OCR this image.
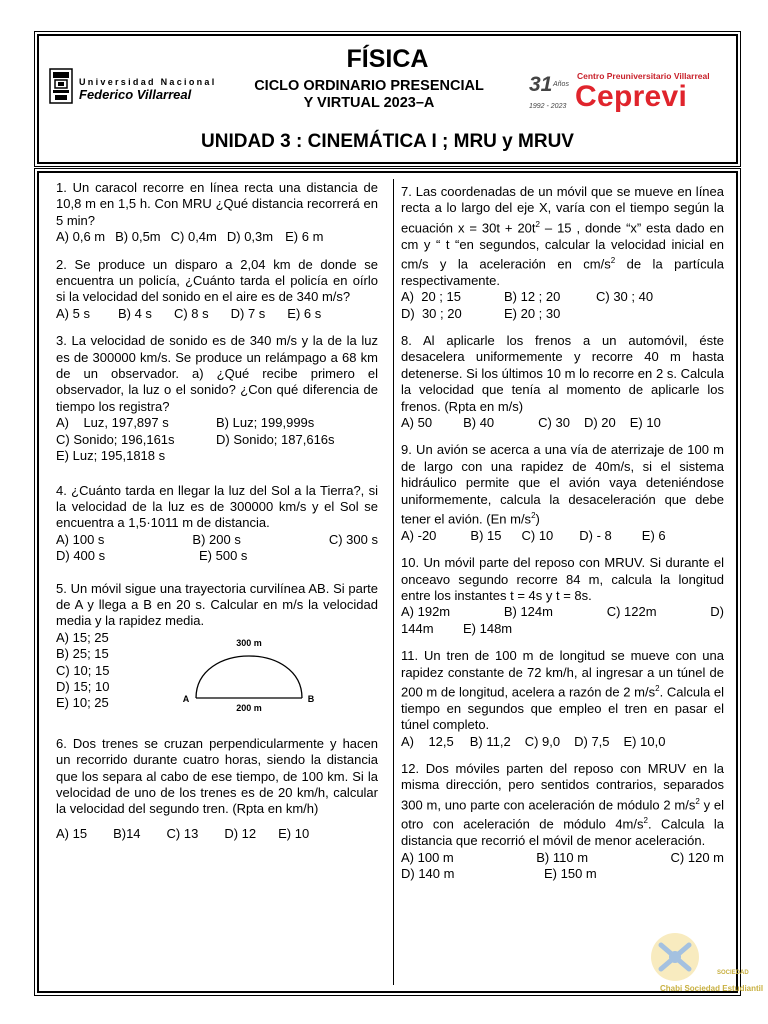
Universidad Nacional
Federico Villarreal
FÍSICA
CICLO ORDINARIO PRESENCIAL
Y VIRTUAL 2023–A
31 Años
1992 - 2023
Centro Preuniversitario Villarreal
Ceprevi
UNIDAD 3 : CINEMÁTICA I ; MRU y MRUV
1. Un caracol recorre en línea recta una distancia de 10,8 m en 1,5 h. Con MRU ¿Qué distancia recorrerá en 5 min?
A) 0,6 m B) 0,5m C) 0,4m D) 0,3m E) 6 m
2. Se produce un disparo a 2,04 km de donde se encuentra un policía, ¿Cuánto tarda el policía en oírlo si la velocidad del sonido en el aire es de 340 m/s?
A) 5 s B) 4 s C) 8 s D) 7 s E) 6 s
3. La velocidad de sonido es de 340 m/s y la de la luz es de 300000 km/s. Se produce un relámpago a 68 km de un observador. a) ¿Qué recibe primero el observador, la luz o el sonido? ¿Con qué diferencia de tiempo los registra?
A)    Luz, 197,897 s	B) Luz; 199,999s
C) Sonido; 196,161s	D) Sonido; 187,616s
E) Luz; 195,1818 s
4. ¿Cuánto tarda en llegar la luz del Sol a la Tierra?, si la velocidad de la luz es de 300000 km/s y el Sol se encuentra a 1,5·1011 m de distancia.
A) 100 s	B) 200 s	C) 300 s
D) 400 s	E) 500 s
5. Un móvil sigue una trayectoria curvilínea AB. Si parte de A y llega a B en 20 s. Calcular en m/s la velocidad media y la rapidez media.
A) 15; 25
B) 25; 15
C) 10; 15
D) 15; 10
E) 10; 25
300 m
200 m
A	B
6. Dos trenes se cruzan perpendicularmente y hacen un recorrido durante cuatro horas, siendo la distancia que los separa al cabo de ese tiempo, de 100 km. Si la velocidad de uno de los trenes es de 20 km/h, calcular la velocidad del segundo tren. (Rpta en km/h)
A) 15 B)14 C) 13 D) 12 E) 10
7. Las coordenadas de un móvil que se mueve en línea recta a lo largo del eje X, varía con el tiempo según la ecuación $x = 30t + 20t^2 - 15$ , donde “x” esta dado en cm y “ t “en segundos, calcular la velocidad inicial en cm/s y la aceleración en $cm/s^2$ de la partícula respectivamente.
A)  20 ; 15	B) 12 ; 20	C) 30 ; 40
D)  30 ; 20	E) 20 ; 30
8. Al aplicarle los frenos a un automóvil, éste desacelera uniformemente y recorre 40 m hasta detenerse. Si los últimos 10 m lo recorre en 2 s. Calcula la velocidad que tenía al momento de aplicarle los frenos. (Rpta en m/s)
A) 50 B) 40	C) 30 D) 20 E) 10
9. Un avión se acerca a una vía de aterrizaje de 100 m de largo con una rapidez de 40m/s, si el sistema hidráulico permite que el avión vaya deteniéndose uniformemente, calcula la desaceleración que debe tener el avión. (En $m/s^2$)
A) -20	B) 15 C) 10 D) - 8 E) 6
10. Un móvil parte del reposo con MRUV. Si durante el onceavo segundo recorre 84 m, calcula la longitud entre los instantes t = 4s y t = 8s.
A) 192m	B) 124m	C) 122m	D)
144m	E) 148m
11. Un tren de 100 m de longitud se mueve con una rapidez constante de 72 km/h, al ingresar a un túnel de 200 m de longitud, acelera a razón de 2 $m/s^2$. Calcula el tiempo en segundos que empleo el tren en pasar el túnel completo.
A)    12,5 B) 11,2 C) 9,0 D) 7,5 E) 10,0
12. Dos móviles parten del reposo con MRUV en la misma dirección, pero sentidos contrarios, separados 300 m, uno parte con aceleración de módulo 2 $m/s^2$ y el otro con aceleración de módulo $4m/s^2$. Calcula la distancia que recorrió el móvil de menor aceleración.
A) 100 m	B) 110 m	C) 120 m
D) 140 m	E) 150 m
SOCIEDAD
Chabi Sociedad Estudiantil
